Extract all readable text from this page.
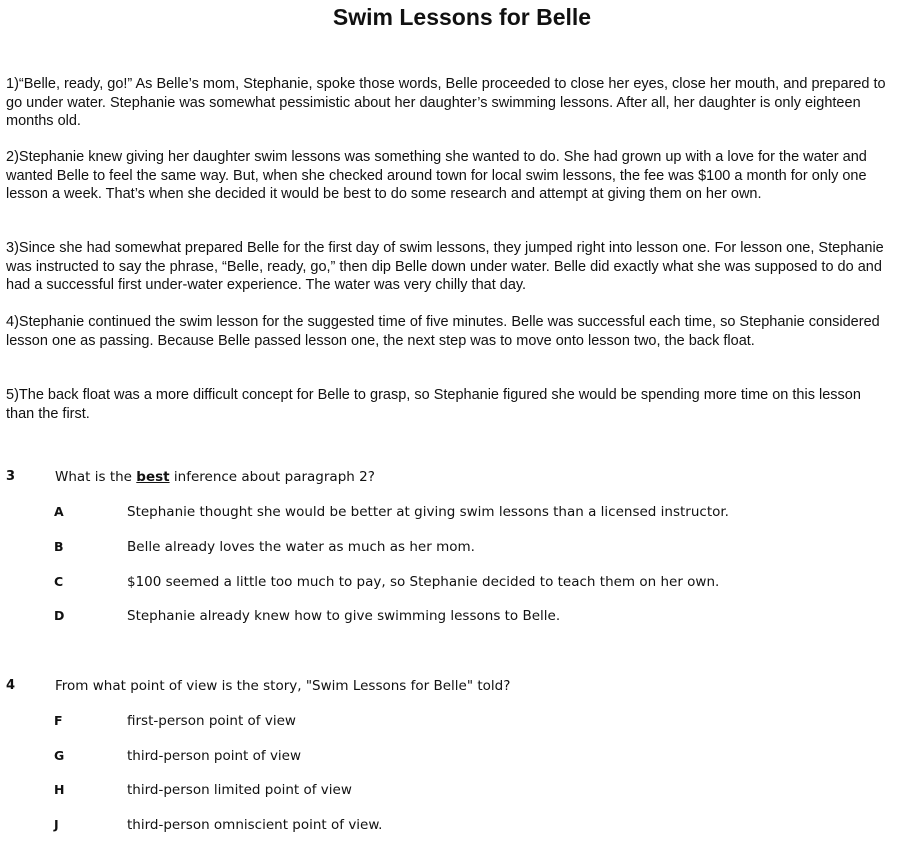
Swim Lessons for Belle

1)“Belle, ready, go!” As Belle’s mom, Stephanie, spoke those words, Belle proceeded to close her eyes, close her mouth, and prepared to go under water. Stephanie was somewhat pessimistic about her daughter’s swimming lessons. After all, her daughter is only eighteen months old.

2)Stephanie knew giving her daughter swim lessons was something she wanted to do. She had grown up with a love for the water and wanted Belle to feel the same way. But, when she checked around town for local swim lessons, the fee was $100 a month for only one lesson a week. That’s when she decided it would be best to do some research and attempt at giving them on her own.

3)Since she had somewhat prepared Belle for the first day of swim lessons, they jumped right into lesson one. For lesson one, Stephanie was instructed to say the phrase, “Belle, ready, go,” then dip Belle down under water. Belle did exactly what she was supposed to do and had a successful first under-water experience. The water was very chilly that day.

4)Stephanie continued the swim lesson for the suggested time of five minutes. Belle was successful each time, so Stephanie considered lesson one as passing. Because Belle passed lesson one, the next step was to move onto lesson two, the back float.

5)The back float was a more difficult concept for Belle to grasp, so Stephanie figured she would be spending more time on this lesson than the first.

3	What is the best inference about paragraph 2?
A	Stephanie thought she would be better at giving swim lessons than a licensed instructor.
B	Belle already loves the water as much as her mom.
C	$100 seemed a little too much to pay, so Stephanie decided to teach them on her own.
D	Stephanie already knew how to give swimming lessons to Belle.
4	From what point of view is the story, "Swim Lessons for Belle" told?
F	first-person point of view
G	third-person point of view
H	third-person limited point of view
J	third-person omniscient point of view.
